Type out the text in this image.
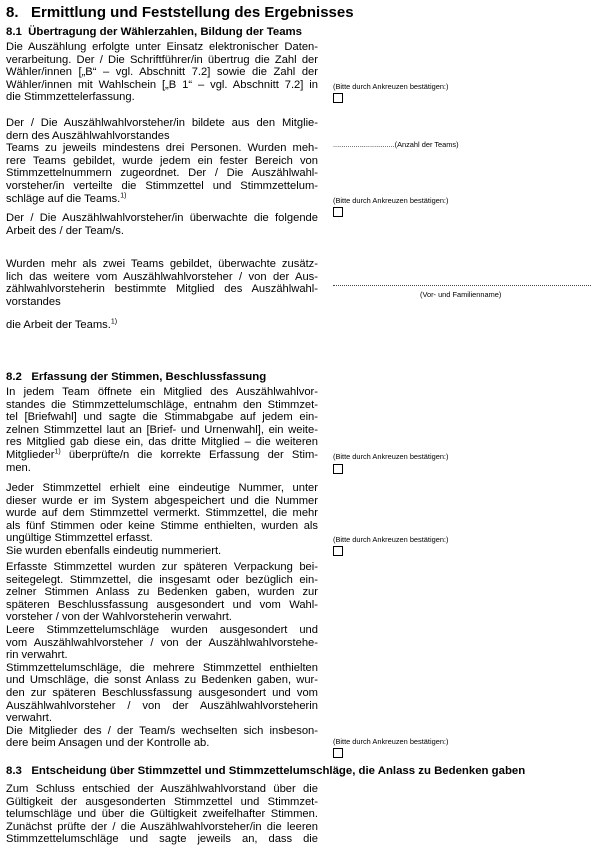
8.   Ermittlung und Feststellung des Ergebnisses
8.1  Übertragung der Wählerzahlen, Bildung der Teams

Die Auszählung erfolgte unter Einsatz elektronischer Daten-

verarbeitung. Der / Die Schriftführer/in übertrug die Zahl der

Wähler/innen [„B“ – vgl. Abschnitt 7.2] sowie die Zahl der

Wähler/innen mit Wahlschein [„B 1“ – vgl. Abschnitt 7.2] in

die Stimmzettelerfassung.

Der / Die Auszählwahlvorsteher/in bildete aus den Mitglie-

dern des Auszählwahlvorstandes

Teams zu jeweils mindestens drei Personen. Wurden meh-

rere Teams gebildet, wurde jedem ein fester Bereich von

Stimmzettelnummern zugeordnet. Der / Die Auszählwahl-

vorsteher/in verteilte die Stimmzettel und Stimmzettelum-

schläge auf die Teams.$^{1)}$

Der / Die Auszählwahlvorsteher/in überwachte die folgende

Arbeit des / der Team/s.

Wurden mehr als zwei Teams gebildet, überwachte zusätz-

lich das weitere vom Auszählwahlvorsteher / von der Aus-

zählwahlvorsteherin bestimmte Mitglied des Auszählwahl-

vorstandes

die Arbeit der Teams.$^{1)}$

8.2   Erfassung der Stimmen, Beschlussfassung

In jedem Team öffnete ein Mitglied des Auszählwahlvor-

standes die Stimmzettelumschläge, entnahm den Stimmzet-

tel [Briefwahl] und sagte die Stimmabgabe auf jedem ein-

zelnen Stimmzettel laut an [Brief- und Urnenwahl], ein weite-

res Mitglied gab diese ein, das dritte Mitglied – die weiteren

Mitglieder$^{1)}$ überprüfte/n die korrekte Erfassung der Stim-

men.

Jeder Stimmzettel erhielt eine eindeutige Nummer, unter

dieser wurde er im System abgespeichert und die Nummer

wurde auf dem Stimmzettel vermerkt. Stimmzettel, die mehr

als fünf Stimmen oder keine Stimme enthielten, wurden als

ungültige Stimmzettel erfasst.

Sie wurden ebenfalls eindeutig nummeriert.

Erfasste Stimmzettel wurden zur späteren Verpackung bei-

seitegelegt. Stimmzettel, die insgesamt oder bezüglich ein-

zelner Stimmen Anlass zu Bedenken gaben, wurden zur

späteren Beschlussfassung ausgesondert und vom Wahl-

vorsteher / von der Wahlvorsteherin verwahrt.

Leere Stimmzettelumschläge wurden ausgesondert und

vom Auszählwahlvorsteher / von der Auszählwahlvorstehe-

rin verwahrt.

Stimmzettelumschläge, die mehrere Stimmzettel enthielten

und Umschläge, die sonst Anlass zu Bedenken gaben, wur-

den zur späteren Beschlussfassung ausgesondert und vom

Auszählwahlvorsteher / von der Auszählwahlvorsteherin

verwahrt.

Die Mitglieder des / der Team/s wechselten sich insbeson-

dere beim Ansagen und der Kontrolle ab.

8.3   Entscheidung über Stimmzettel und Stimmzettelumschläge, die Anlass zu Bedenken gaben

Zum Schluss entschied der Auszählwahlvorstand über die

Gültigkeit der ausgesonderten Stimmzettel und Stimmzet-

telumschläge und über die Gültigkeit zweifelhafter Stimmen.

Zunächst prüfte der / die Auszählwahlvorsteher/in die leeren

Stimmzettelumschläge und sagte jeweils an, dass die

(Bitte durch Ankreuzen bestätigen:)
..............................(Anzahl der Teams)
(Bitte durch Ankreuzen bestätigen:)
(Vor- und Familienname)
(Bitte durch Ankreuzen bestätigen:)
(Bitte durch Ankreuzen bestätigen:)
(Bitte durch Ankreuzen bestätigen:)
